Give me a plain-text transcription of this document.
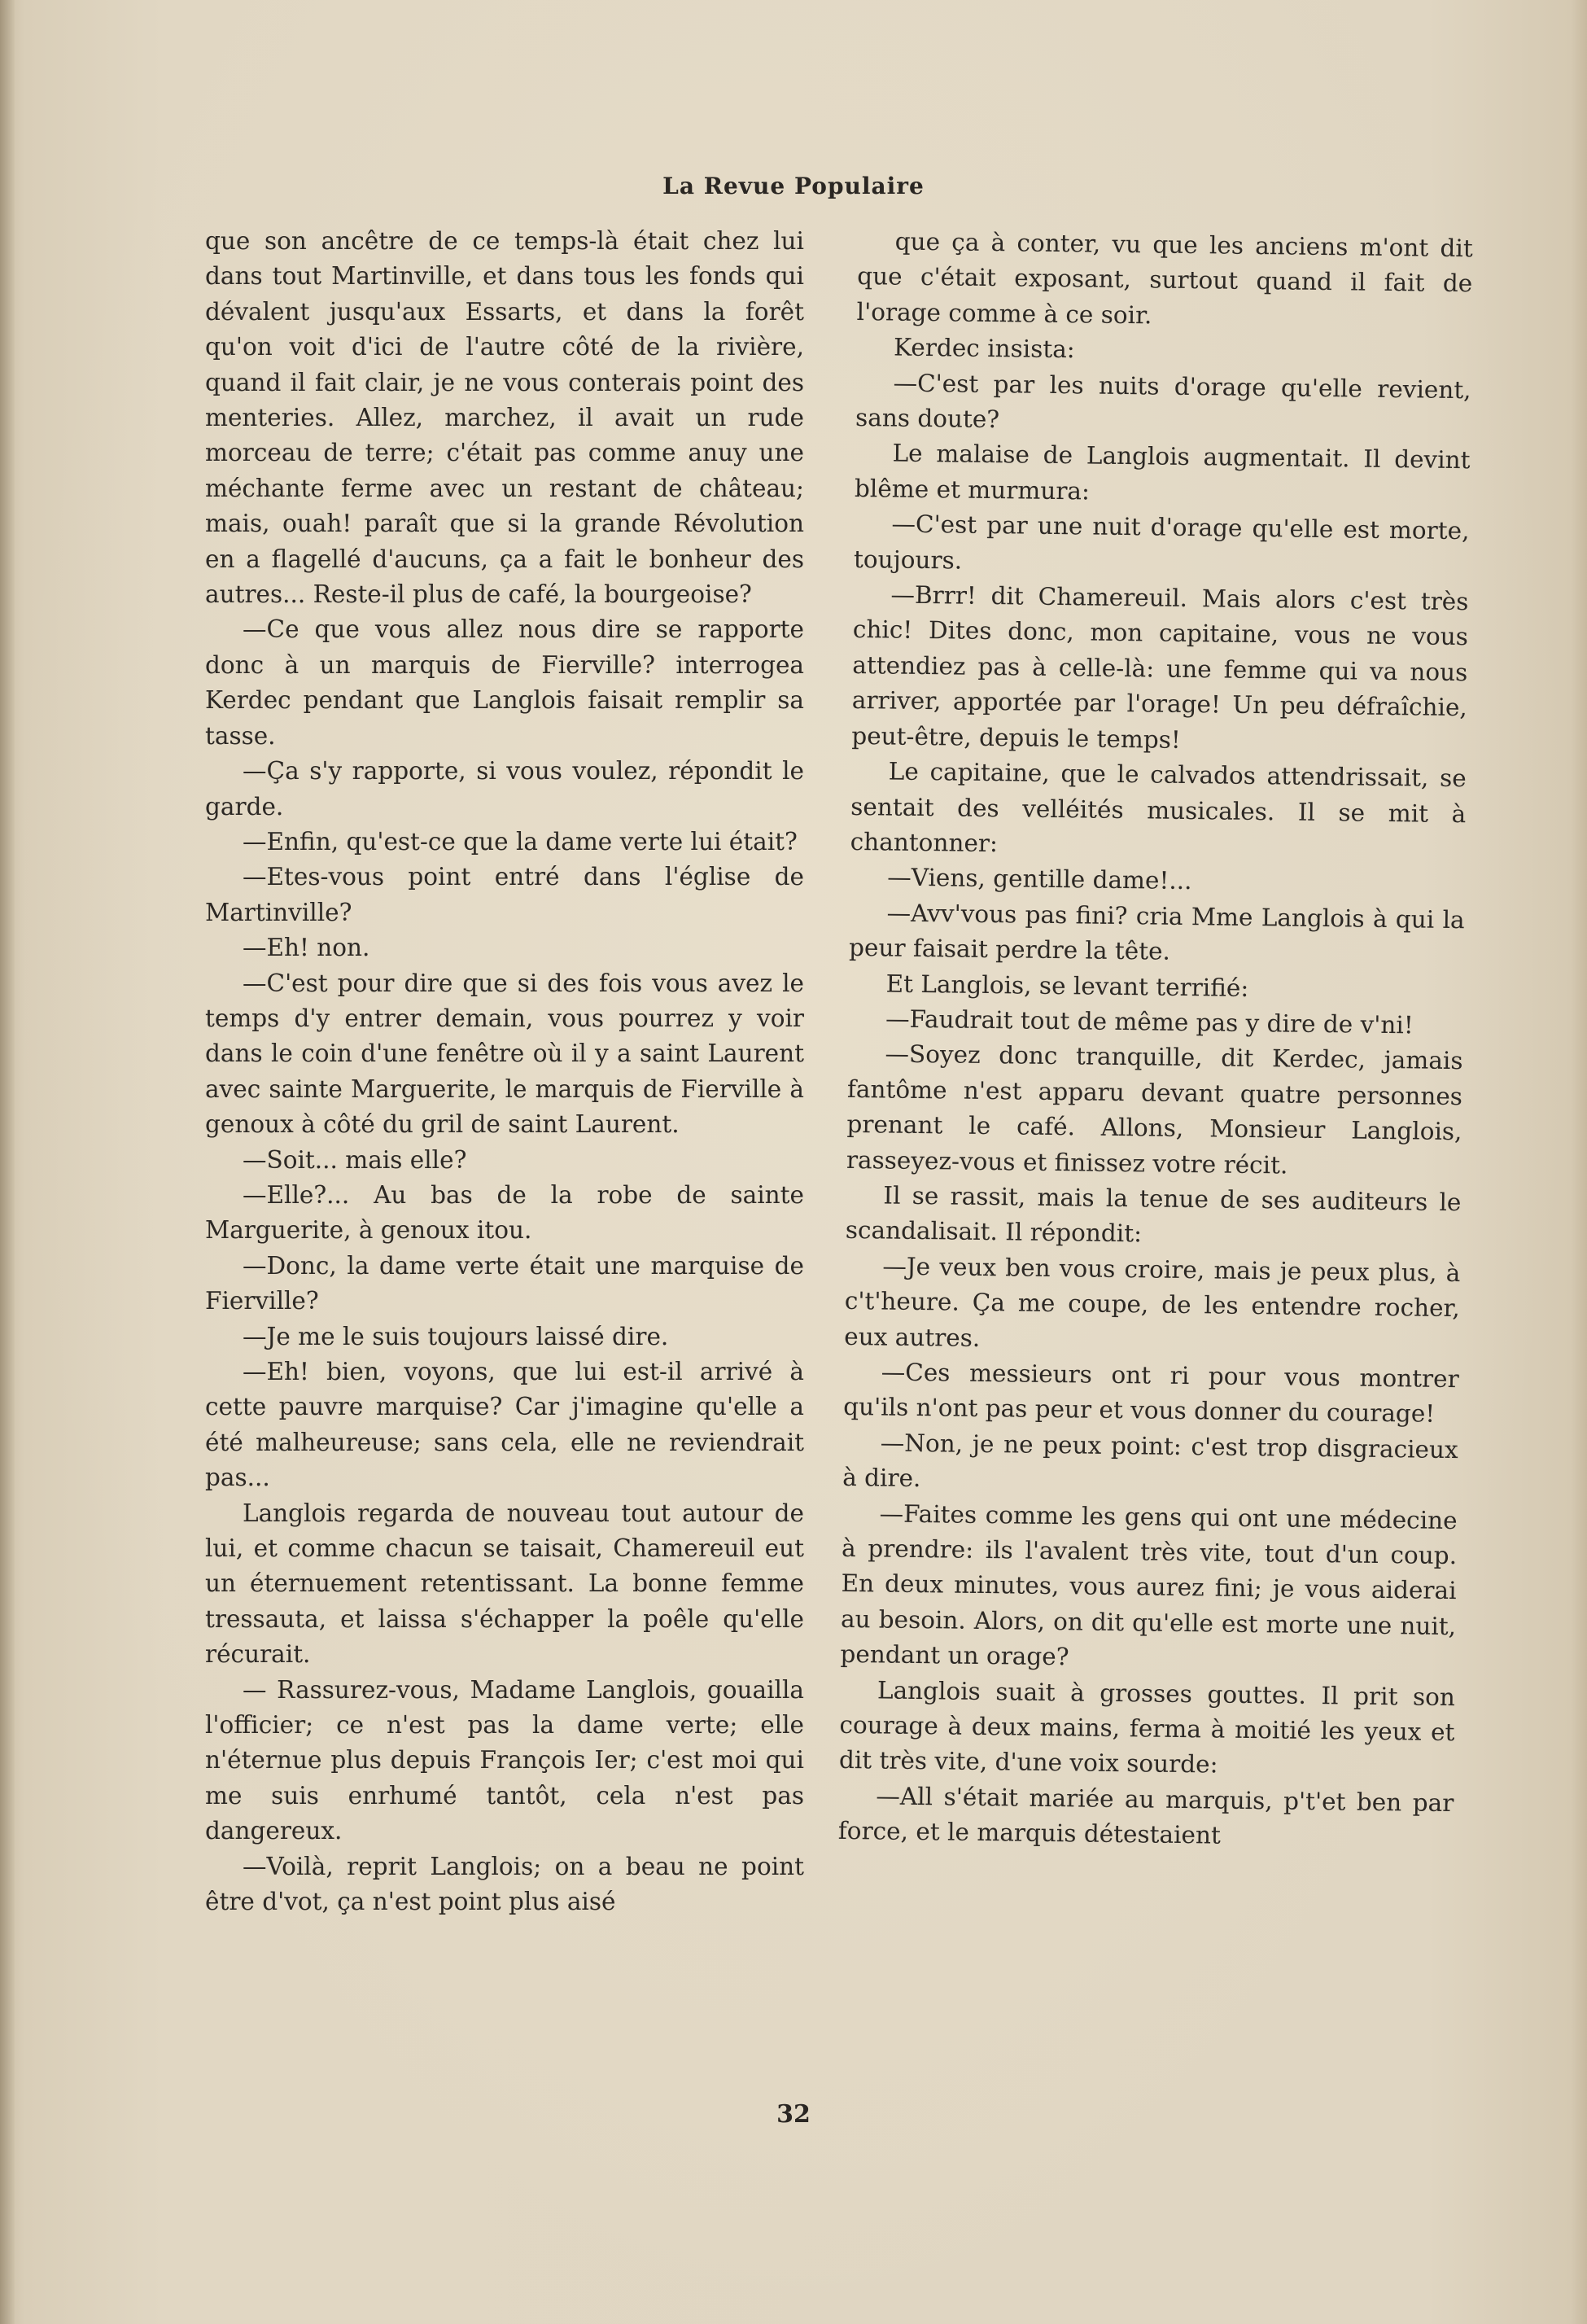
La Revue Populaire

que son ancêtre de ce temps-là était chez lui dans tout Martinville, et dans tous les fonds qui dévalent jusqu'aux Essarts, et dans la forêt qu'on voit d'ici de l'autre côté de la rivière, quand il fait clair, je ne vous conterais point des menteries. Allez, marchez, il avait un rude morceau de terre; c'était pas comme anuy une méchante ferme avec un restant de château; mais, ouah! paraît que si la grande Révolution en a flagellé d'aucuns, ça a fait le bonheur des autres... Reste-il plus de café, la bourgeoise?

—Ce que vous allez nous dire se rapporte donc à un marquis de Fierville? interrogea Kerdec pendant que Langlois faisait remplir sa tasse.

—Ça s'y rapporte, si vous voulez, répondit le garde.

—Enfin, qu'est-ce que la dame verte lui était?

—Etes-vous point entré dans l'église de Martinville?

—Eh! non.

—C'est pour dire que si des fois vous avez le temps d'y entrer demain, vous pourrez y voir dans le coin d'une fenêtre où il y a saint Laurent avec sainte Marguerite, le marquis de Fierville à genoux à côté du gril de saint Laurent.

—Soit... mais elle?

—Elle?... Au bas de la robe de sainte Marguerite, à genoux itou.

—Donc, la dame verte était une marquise de Fierville?

—Je me le suis toujours laissé dire.

—Eh! bien, voyons, que lui est-il arrivé à cette pauvre marquise? Car j'imagine qu'elle a été malheureuse; sans cela, elle ne reviendrait pas...

Langlois regarda de nouveau tout autour de lui, et comme chacun se taisait, Chamereuil eut un éternuement retentissant. La bonne femme tressauta, et laissa s'échapper la poêle qu'elle récurait.

— Rassurez-vous, Madame Langlois, gouailla l'officier; ce n'est pas la dame verte; elle n'éternue plus depuis François Ier; c'est moi qui me suis enrhumé tantôt, cela n'est pas dangereux.

—Voilà, reprit Langlois; on a beau ne point être d'vot, ça n'est point plus aisé

que ça à conter, vu que les anciens m'ont dit que c'était exposant, surtout quand il fait de l'orage comme à ce soir.

Kerdec insista:

—C'est par les nuits d'orage qu'elle revient, sans doute?

Le malaise de Langlois augmentait. Il devint blême et murmura:

—C'est par une nuit d'orage qu'elle est morte, toujours.

—Brrr! dit Chamereuil. Mais alors c'est très chic! Dites donc, mon capitaine, vous ne vous attendiez pas à celle-là: une femme qui va nous arriver, apportée par l'orage! Un peu défraîchie, peut-être, depuis le temps!

Le capitaine, que le calvados attendrissait, se sentait des velléités musicales. Il se mit à chantonner:

—Viens, gentille dame!...

—Avv'vous pas fini? cria Mme Langlois à qui la peur faisait perdre la tête.

Et Langlois, se levant terrifié:

—Faudrait tout de même pas y dire de v'ni!

—Soyez donc tranquille, dit Kerdec, jamais fantôme n'est apparu devant quatre personnes prenant le café. Allons, Monsieur Langlois, rasseyez-vous et finissez votre récit.

Il se rassit, mais la tenue de ses auditeurs le scandalisait. Il répondit:

—Je veux ben vous croire, mais je peux plus, à c't'heure. Ça me coupe, de les entendre rocher, eux autres.

—Ces messieurs ont ri pour vous montrer qu'ils n'ont pas peur et vous donner du courage!

—Non, je ne peux point: c'est trop disgracieux à dire.

—Faites comme les gens qui ont une médecine à prendre: ils l'avalent très vite, tout d'un coup. En deux minutes, vous aurez fini; je vous aiderai au besoin. Alors, on dit qu'elle est morte une nuit, pendant un orage?

Langlois suait à grosses gouttes. Il prit son courage à deux mains, ferma à moitié les yeux et dit très vite, d'une voix sourde:

—All s'était mariée au marquis, p't'et ben par force, et le marquis détestaient

32
